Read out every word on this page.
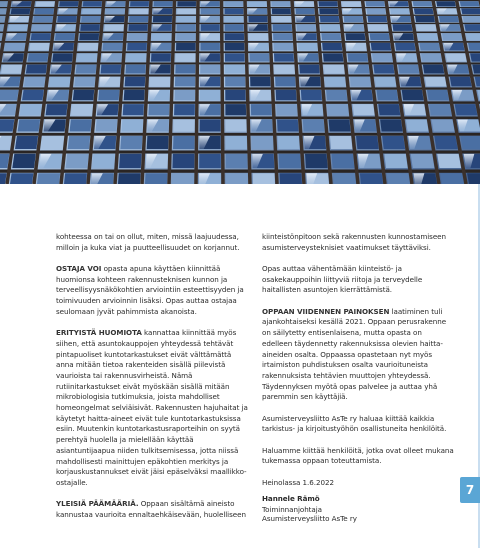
kohteessa on tai on ollut, miten, missä laajuudessa, milloin ja kuka viat ja puutteellisuudet on korjannut.

OSTAJA VOI opasta apuna käyttäen kiinnittää huomionsa kohteen rakennusteknisen kunnon ja terveellisyysnäkökohtien arviointiin esteettisyyden ja toimivuuden arvioinnin lisäksi. Opas auttaa ostajaa seulomaan jyvät pahimmista akanoista.

ERITYISTÄ HUOMIOTA kannattaa kiinnittää myös siihen, että asuntokauppojen yhteydessä tehtävät pintapuoliset kuntotarkastukset eivät välttämättä anna mitään tietoa rakenteiden sisällä piilevistä vaurioista tai rakennusvirheistä. Nämä rutiinitarkastukset eivät myöskään sisällä mitään mikrobiologisia tutkimuksia, joista mahdolliset homeongelmat selviäisivät. Rakennusten hajuhaitat ja käytetyt haitta-aineet eivät tule kuntotarkastuksissa esiin. Muutenkin kuntotarkastusraporteihin on syytä perehtyä huolella ja mielellään käyttää asiantuntijaapua niiden tulkitsemisessa, jotta niissä mahdollisesti mainittujen epäkohtien merkitys ja korjauskustannukset eivät jäisi epäselväksi maallikko-ostajalle.

YLEISIÄ PÄÄMÄÄRIÄ. Oppaan sisältämä aineisto kannustaa vaurioita ennaltaehkäisevään, huolelliseen

kiinteistönpitoon sekä rakennusten kunnostamiseen asumisterveysteknisiet vaatimukset täyttäviksi.

Opas auttaa vähentämään kiinteistö- ja osakekauppoihin liittyviä riitoja ja terveydelle haitallisten asuntojen kierrättämistä.

OPPAAN VIIDENNEN PAINOKSEN laatiminen tuli ajankohtaiseksi kesällä 2021. Oppaan perusrakenne on säilytetty entisenlaisena, mutta opasta on edelleen täydennetty rakennuksissa olevien haitta-aineiden osalta. Oppaassa opastetaan nyt myös irtaimiston puhdistuksen osalta vaurioituneista rakennuksista tehtävien muuttojen yhteydessä. Täydennyksen myötä opas palvelee ja auttaa yhä paremmin sen käyttäjiä.

Asumisterveysliitto AsTe ry haluaa kiittää kaikkia tarkistus- ja kirjoitustyöhön osallistuneita henkilöitä.

Haluamme kiittää henkilöitä, jotka ovat olleet mukana tukemassa oppaan toteuttamista.

Heinolassa 1.6.2022
Hannele Rämö
Toiminnanjohtaja
Asumisterveysliitto AsTe ry
7
